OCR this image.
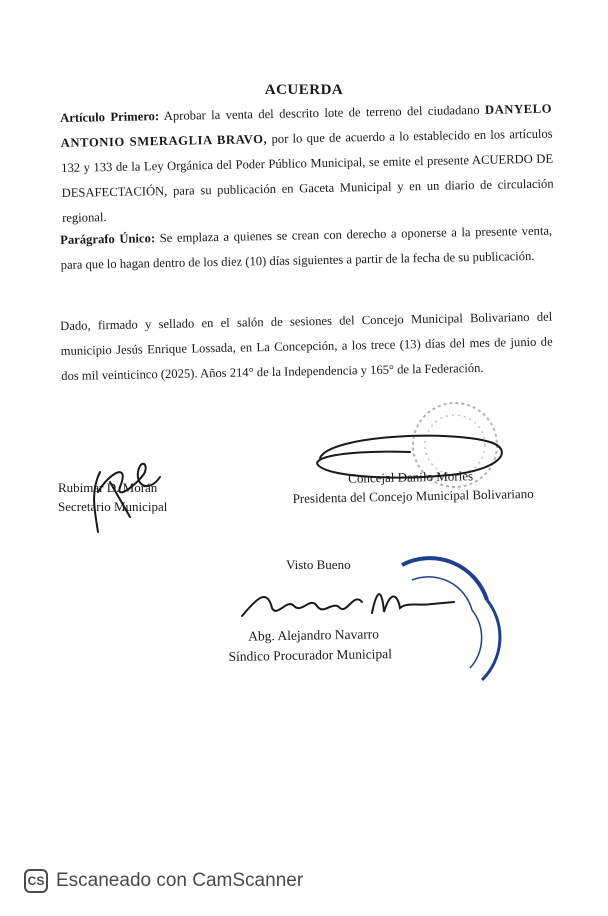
ACUERDA
Artículo Primero: Aprobar la venta del descrito lote de terreno del ciudadano DANYELO ANTONIO SMERAGLIA BRAVO, por lo que de acuerdo a lo establecido en los artículos 132 y 133 de la Ley Orgánica del Poder Público Municipal, se emite el presente ACUERDO DE DESAFECTACIÓN, para su publicación en Gaceta Municipal y en un diario de circulación regional.
Parágrafo Único: Se emplaza a quienes se crean con derecho a oponerse a la presente venta, para que lo hagan dentro de los diez (10) días siguientes a partir de la fecha de su publicación.
Dado, firmado y sellado en el salón de sesiones del Concejo Municipal Bolivariano del municipio Jesús Enrique Lossada, en La Concepción, a los trece (13) días del mes de junio de dos mil veinticinco (2025). Años 214° de la Independencia y 165° de la Federación.
Rubimar D. Morán
Secretario Municipal
Concejal Danilo Morles
Presidenta del Concejo Municipal Bolivariano
Visto Bueno
Abg. Alejandro Navarro
Síndico Procurador Municipal
CS Escaneado con CamScanner
